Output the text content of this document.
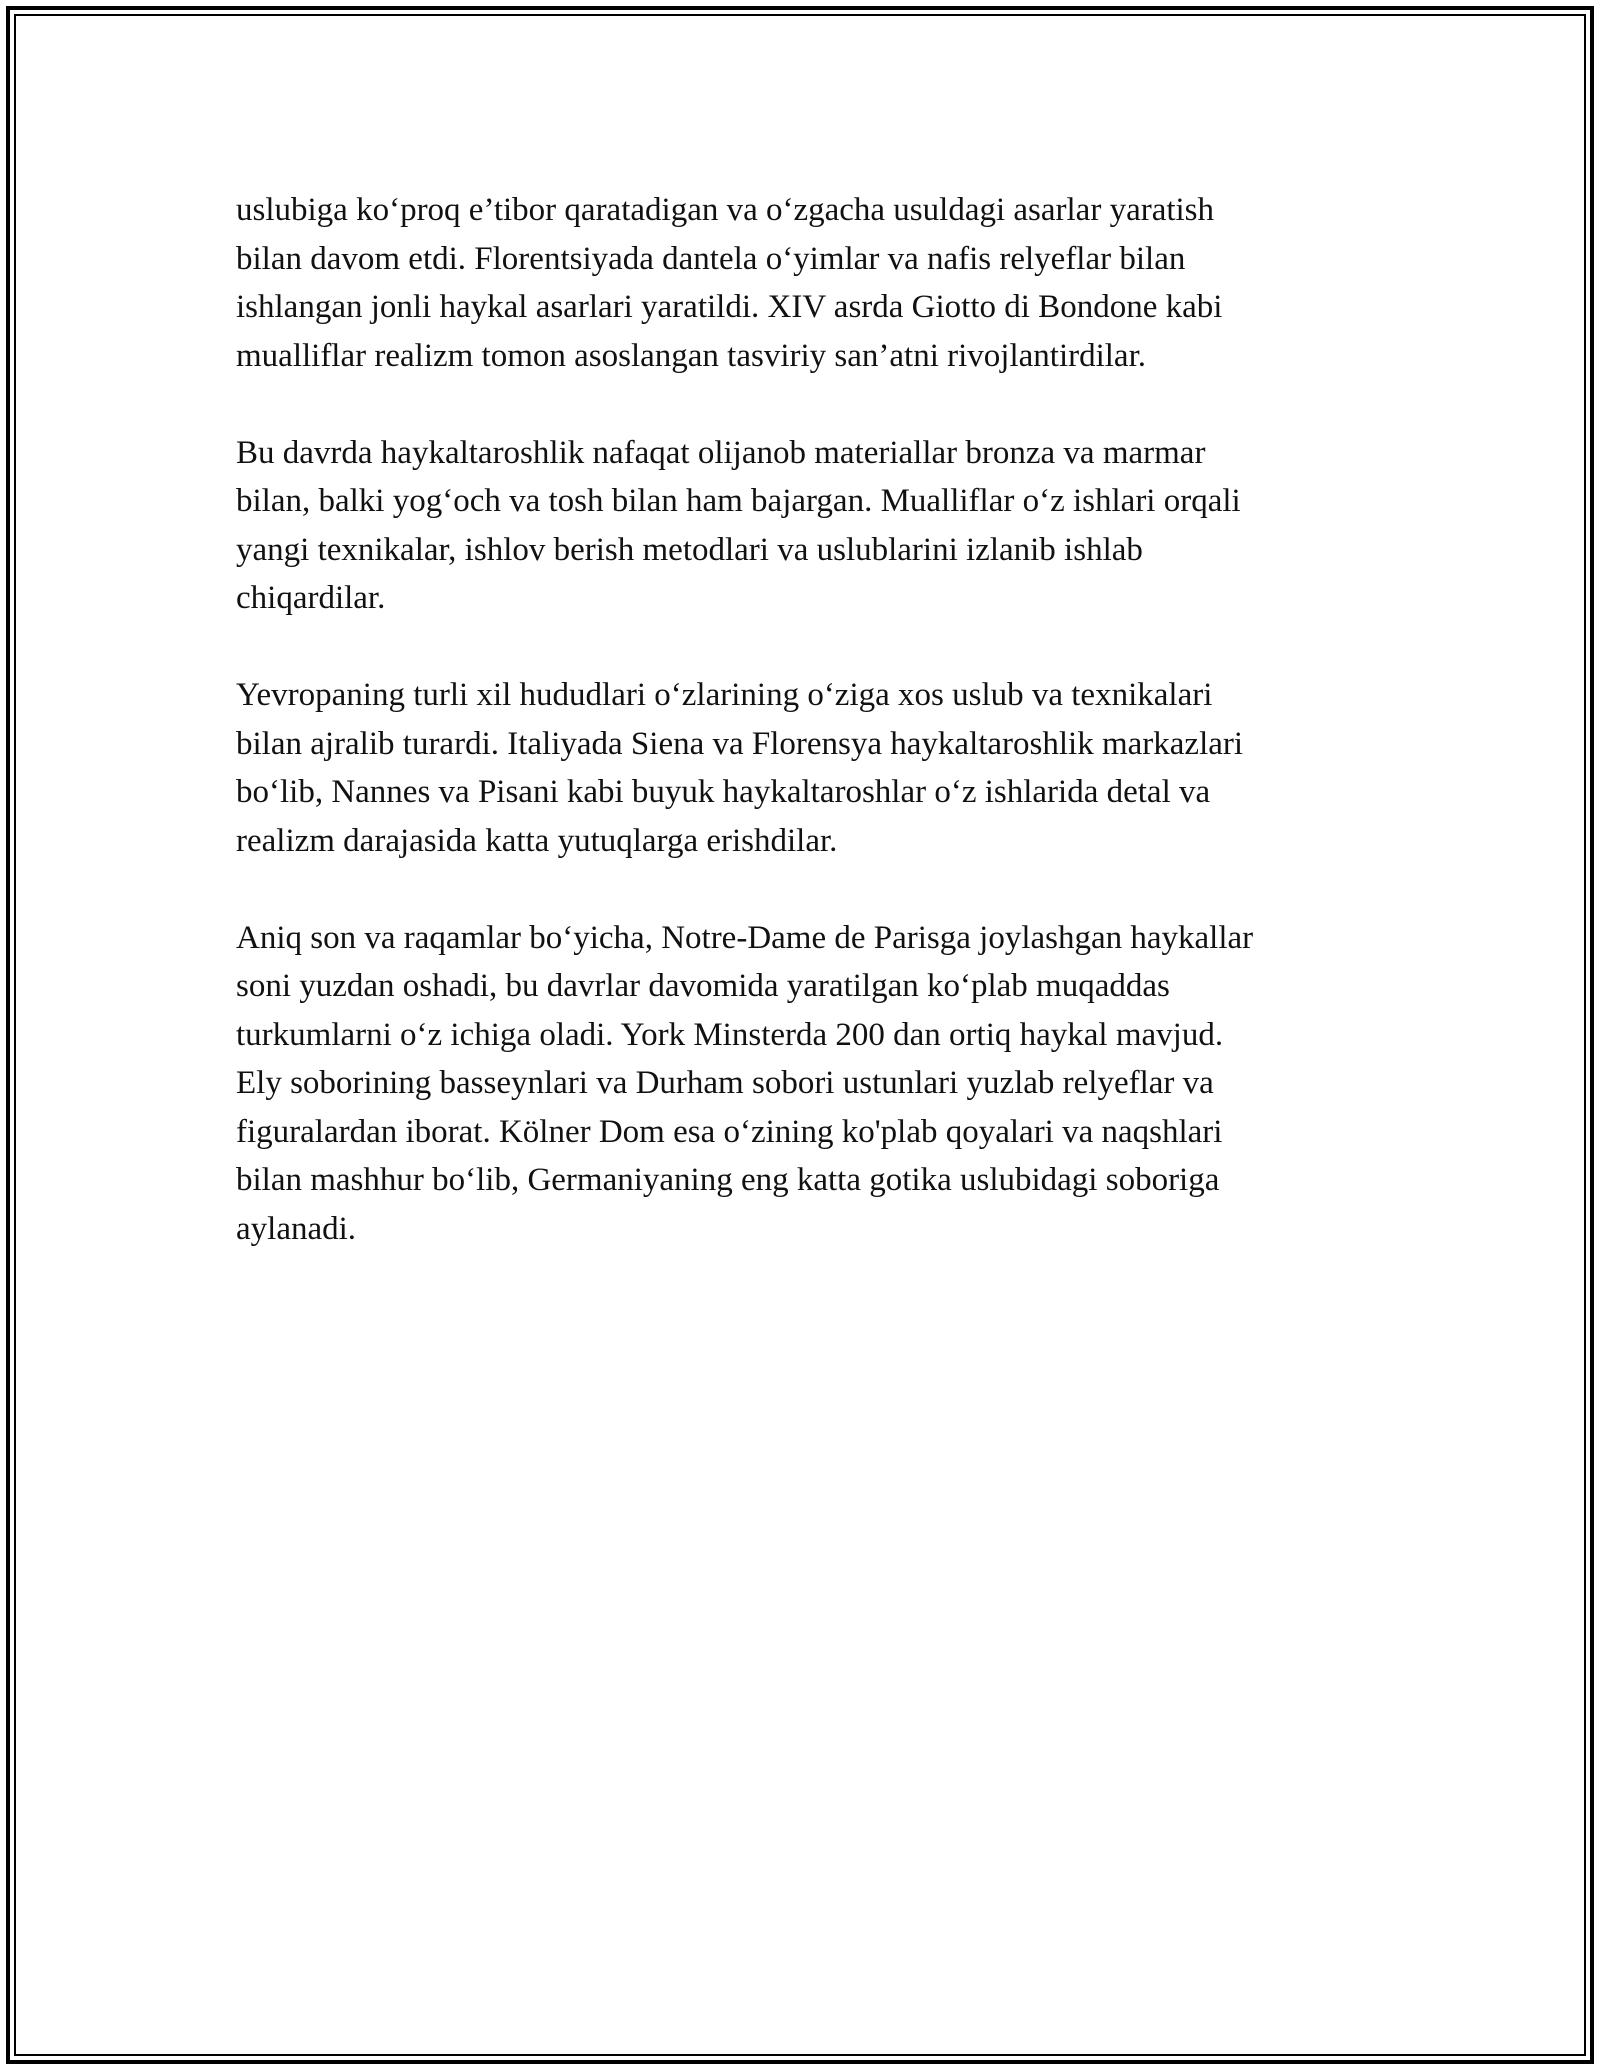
uslubiga ko‘proq e’tibor qaratadigan va o‘zgacha usuldagi asarlar yaratish
bilan davom etdi. Florentsiyada dantela o‘yimlar va nafis relyeflar bilan
ishlangan jonli haykal asarlari yaratildi. XIV asrda Giotto di Bondone kabi
mualliflar realizm tomon asoslangan tasviriy san’atni rivojlantirdilar.

Bu davrda haykaltaroshlik nafaqat olijanob materiallar bronza va marmar
bilan, balki yog‘och va tosh bilan ham bajargan. Mualliflar o‘z ishlari orqali
yangi texnikalar, ishlov berish metodlari va uslublarini izlanib ishlab
chiqardilar.

Yevropaning turli xil hududlari o‘zlarining o‘ziga xos uslub va texnikalari
bilan ajralib turardi. Italiyada Siena va Florensya haykaltaroshlik markazlari
bo‘lib, Nannes va Pisani kabi buyuk haykaltaroshlar o‘z ishlarida detal va
realizm darajasida katta yutuqlarga erishdilar.

Aniq son va raqamlar bo‘yicha, Notre-Dame de Parisga joylashgan haykallar
soni yuzdan oshadi, bu davrlar davomida yaratilgan ko‘plab muqaddas
turkumlarni o‘z ichiga oladi. York Minsterda 200 dan ortiq haykal mavjud.
Ely soborining basseynlari va Durham sobori ustunlari yuzlab relyeflar va
figuralardan iborat. Kölner Dom esa o‘zining ko'plab qoyalari va naqshlari
bilan mashhur bo‘lib, Germaniyaning eng katta gotika uslubidagi soboriga
aylanadi.
